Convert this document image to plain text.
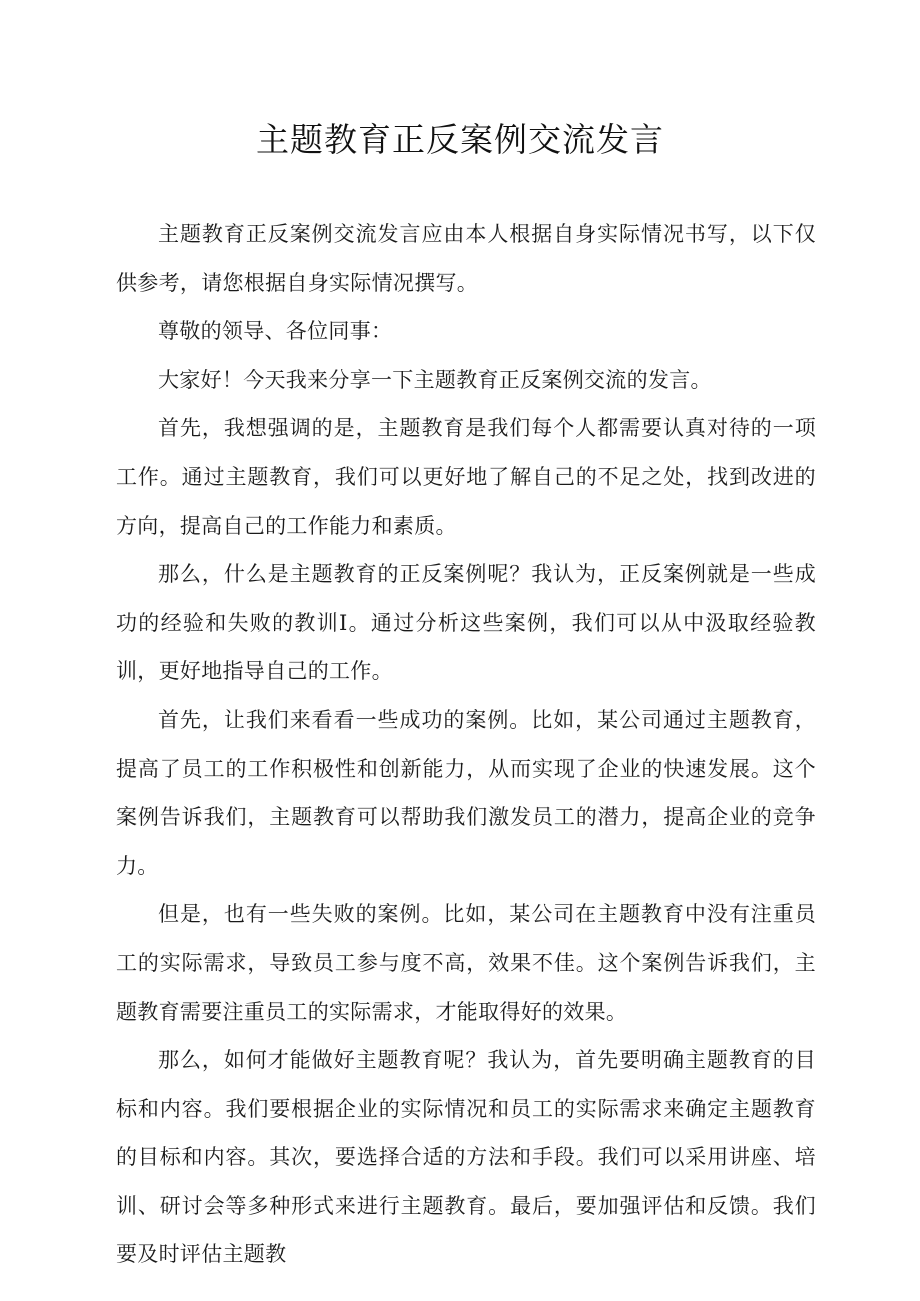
主题教育正反案例交流发言

主题教育正反案例交流发言应由本人根据自身实际情况书写，以下仅供参考，请您根据自身实际情况撰写。

尊敬的领导、各位同事：

大家好！今天我来分享一下主题教育正反案例交流的发言。

首先，我想强调的是，主题教育是我们每个人都需要认真对待的一项工作。通过主题教育，我们可以更好地了解自己的不足之处，找到改进的方向，提高自己的工作能力和素质。

那么，什么是主题教育的正反案例呢？我认为，正反案例就是一些成功的经验和失败的教训I。通过分析这些案例，我们可以从中汲取经验教训，更好地指导自己的工作。

首先，让我们来看看一些成功的案例。比如，某公司通过主题教育，提高了员工的工作积极性和创新能力，从而实现了企业的快速发展。这个案例告诉我们，主题教育可以帮助我们激发员工的潜力，提高企业的竞争力。

但是，也有一些失败的案例。比如，某公司在主题教育中没有注重员工的实际需求，导致员工参与度不高，效果不佳。这个案例告诉我们，主题教育需要注重员工的实际需求，才能取得好的效果。

那么，如何才能做好主题教育呢？我认为，首先要明确主题教育的目标和内容。我们要根据企业的实际情况和员工的实际需求来确定主题教育的目标和内容。其次，要选择合适的方法和手段。我们可以采用讲座、培训、研讨会等多种形式来进行主题教育。最后，要加强评估和反馈。我们要及时评估主题教
